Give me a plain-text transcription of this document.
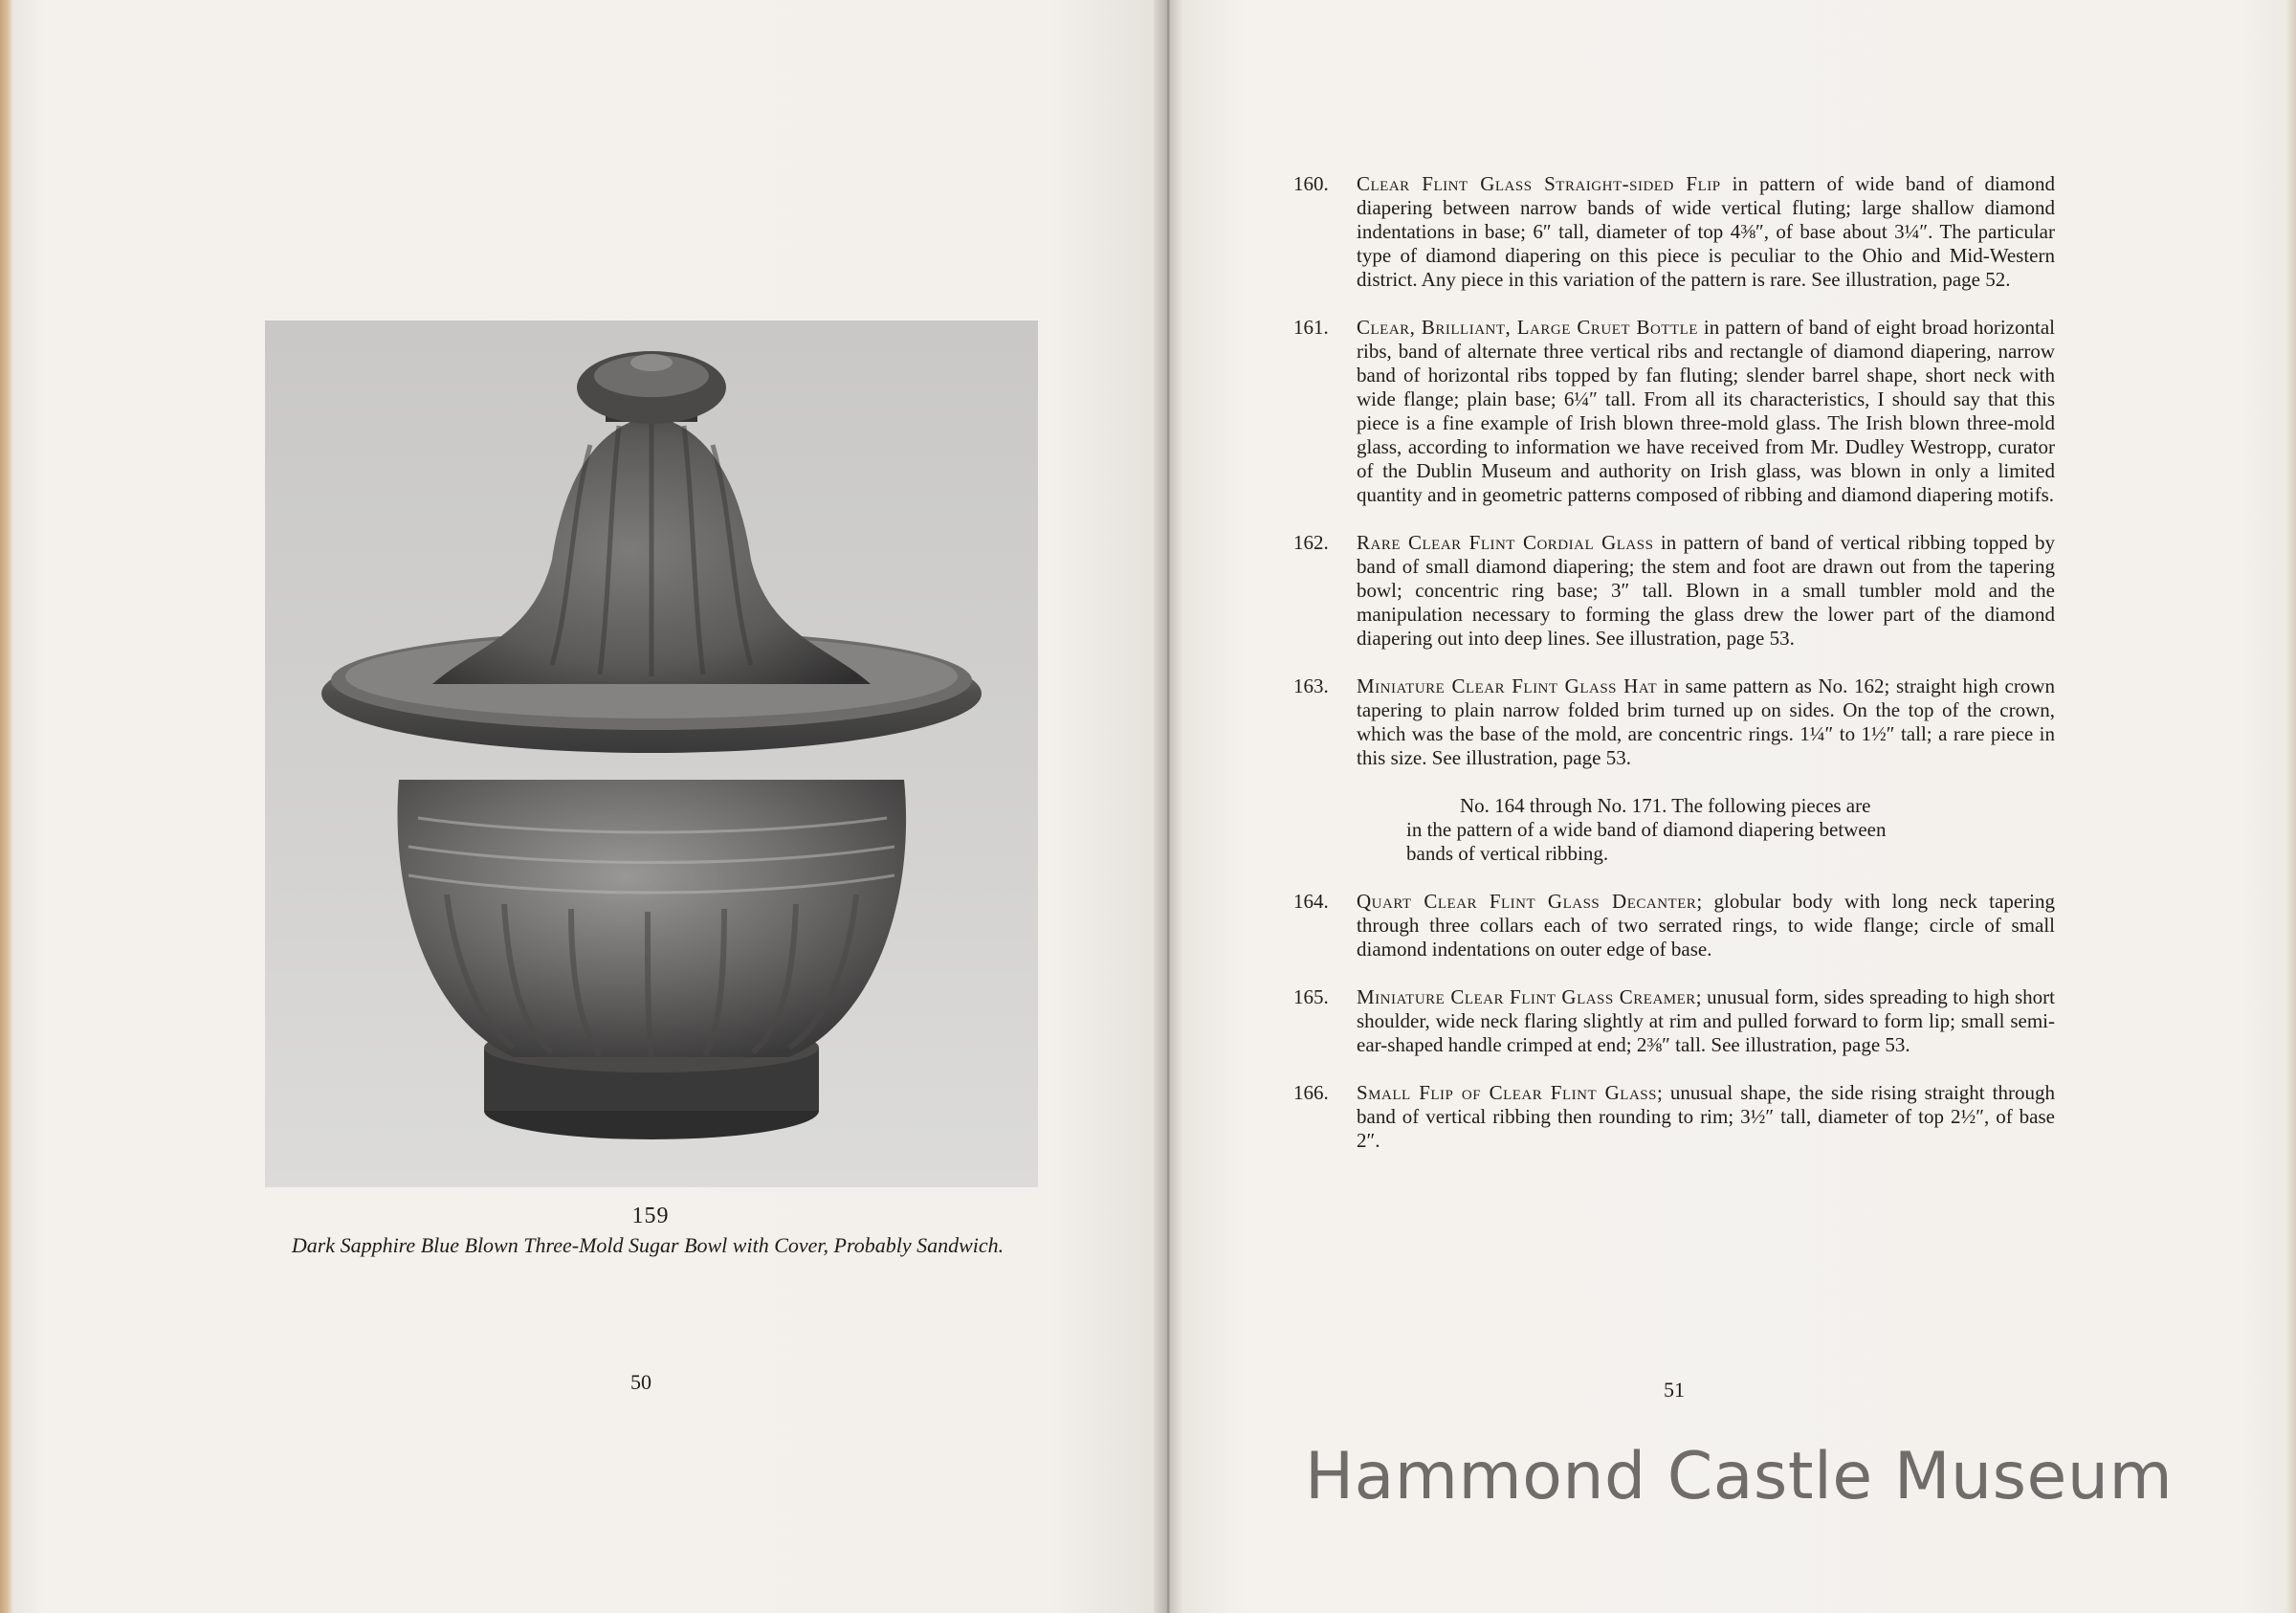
159
Dark Sapphire Blue Blown Three-Mold Sugar Bowl with Cover, Probably Sandwich.
50
160.	Clear Flint Glass Straight-sided Flip in pattern of wide band of diamond diapering between narrow bands of wide vertical fluting; large shallow diamond indentations in base; 6″ tall, diameter of top 4⅜″, of base about 3¼″. The particular type of diamond diapering on this piece is peculiar to the Ohio and Mid-Western district. Any piece in this variation of the pattern is rare. See illustration, page 52.
161.	Clear, Brilliant, Large Cruet Bottle in pattern of band of eight broad horizontal ribs, band of alternate three vertical ribs and rectangle of diamond diapering, narrow band of horizontal ribs topped by fan fluting; slender barrel shape, short neck with wide flange; plain base; 6¼″ tall. From all its characteristics, I should say that this piece is a fine example of Irish blown three-mold glass. The Irish blown three-mold glass, according to information we have received from Mr. Dudley Westropp, curator of the Dublin Museum and authority on Irish glass, was blown in only a limited quantity and in geometric patterns composed of ribbing and diamond diapering motifs.
162.	Rare Clear Flint Cordial Glass in pattern of band of vertical ribbing topped by band of small diamond diapering; the stem and foot are drawn out from the tapering bowl; concentric ring base; 3″ tall. Blown in a small tumbler mold and the manipulation necessary to forming the glass drew the lower part of the diamond diapering out into deep lines. See illustration, page 53.
163.	Miniature Clear Flint Glass Hat in same pattern as No. 162; straight high crown tapering to plain narrow folded brim turned up on sides. On the top of the crown, which was the base of the mold, are concentric rings. 1¼″ to 1½″ tall; a rare piece in this size. See illustration, page 53.
No. 164 through No. 171. The following pieces are
in the pattern of a wide band of diamond diapering between
bands of vertical ribbing.
164.	Quart Clear Flint Glass Decanter; globular body with long neck tapering through three collars each of two serrated rings, to wide flange; circle of small diamond indentations on outer edge of base.
165.	Miniature Clear Flint Glass Creamer; unusual form, sides spreading to high short shoulder, wide neck flaring slightly at rim and pulled forward to form lip; small semi-ear-shaped handle crimped at end; 2⅜″ tall. See illustration, page 53.
166.	Small Flip of Clear Flint Glass; unusual shape, the side rising straight through band of vertical ribbing then rounding to rim; 3½″ tall, diameter of top 2½″, of base 2″.
51
Hammond Castle Museum
